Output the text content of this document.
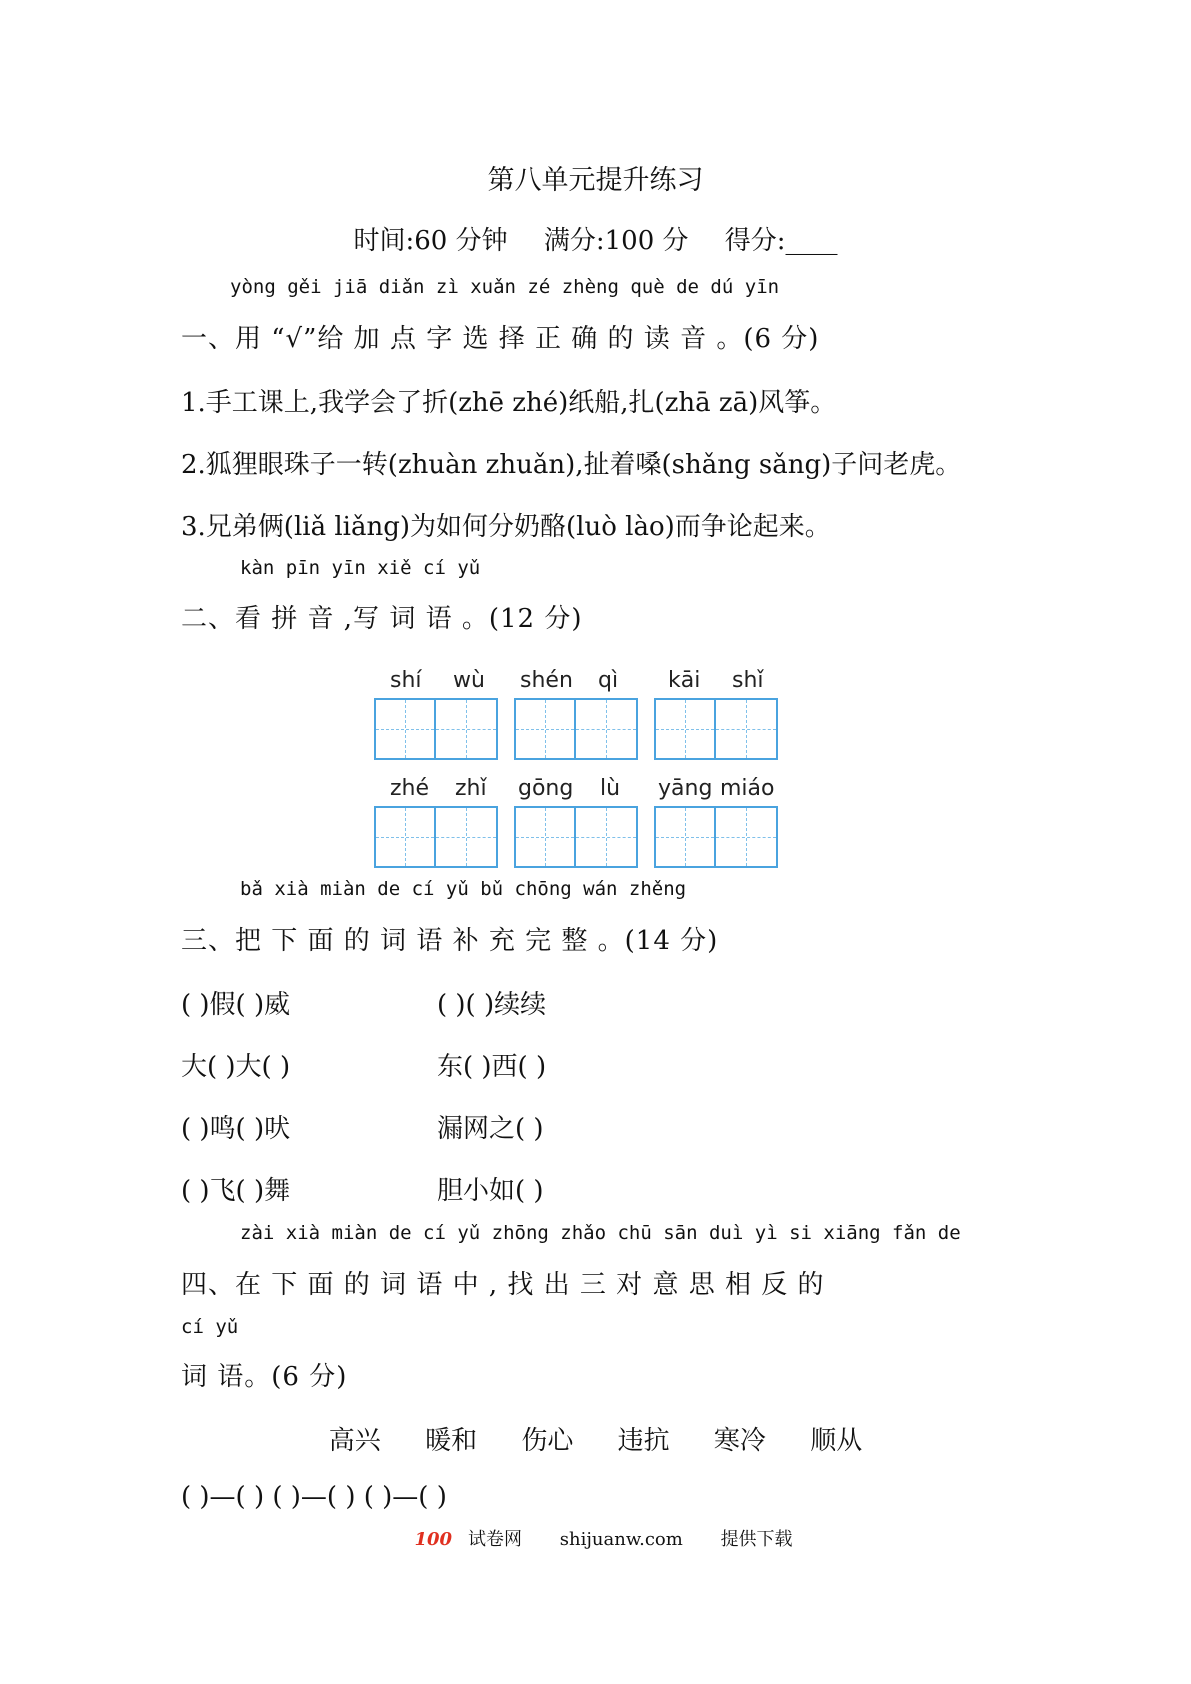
第八单元提升练习
时间:60 分钟 满分:100 分 得分:____
yòng gěi jiā diǎn zì xuǎn zé zhèng què de dú yīn
一、用 “√”给 加 点 字 选 择 正 确 的 读 音 。(6 分)
1.手工课上,我学会了折(zhē zhé)纸船,扎(zhā zā)风筝。
2.狐狸眼珠子一转(zhuàn zhuǎn),扯着嗓(shǎng sǎng)子问老虎。
3.兄弟俩(liǎ liǎng)为如何分奶酪(luò lào)而争论起来。
kàn pīn yīn xiě cí yǔ
二、看 拼 音 ,写 词 语 。(12 分)
shí wù shén qì kāi shǐ
zhé zhǐ gōng lù yāng miáo
bǎ xià miàn de cí yǔ bǔ chōng wán zhěng
三、把 下 面 的 词 语 补 充 完 整 。(14 分)
( )假( )威	( )( )续续
大( )大( )	东( )西( )
( )鸣( )吠	漏网之( )
( )飞( )舞	胆小如( )
zài xià miàn de cí yǔ zhōng zhǎo chū sān duì yì si xiāng fǎn de
四、在 下 面 的 词 语 中 , 找 出 三 对 意 思 相 反 的
cí yǔ
词 语。(6 分)
高兴 暖和 伤心 违抗 寒冷 顺从
( )—( ) ( )—( ) ( )—( )
100 试卷网 shijuanw.com 提供下载
